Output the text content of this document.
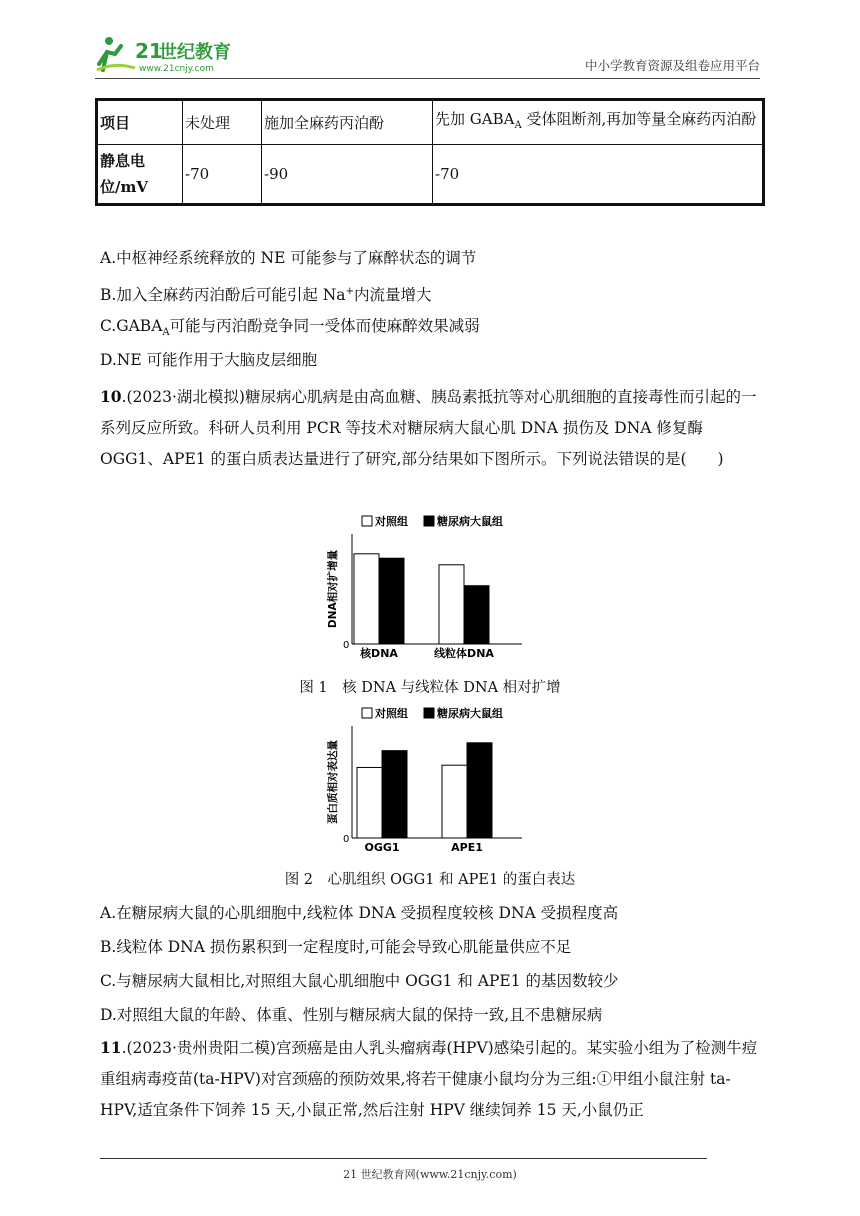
21
世纪教育
www.21cnjy.com	中小学教育资源及组卷应用平台
项目	未处理	施加全麻药丙泊酚	先加 $GABA_A$ 受体阻断剂,再加等量全麻药丙泊酚
静息电位/mV	-70	-90	-70
A.中枢神经系统释放的 NE 可能参与了麻醉状态的调节
B.加入全麻药丙泊酚后可能引起 Na+内流量增大
$C.GABA_A$可能与丙泊酚竞争同一受体而使麻醉效果减弱
D.NE 可能作用于大脑皮层细胞
10.(2023·湖北模拟)糖尿病心肌病是由高血糖、胰岛素抵抗等对心肌细胞的直接毒性而引起的一系列反应所致。科研人员利用 PCR 等技术对糖尿病大鼠心肌 DNA 损伤及 DNA 修复酶 OGG1、APE1 的蛋白质表达量进行了研究,部分结果如下图所示。下列说法错误的是(　　)
对照组	糖尿病大鼠组
0
DNA相对扩增量
核DNA	线粒体DNA
图 1　核 DNA 与线粒体 DNA 相对扩增
对照组	糖尿病大鼠组
0
蛋白质相对表达量
OGG1	APE1
图 2　心肌组织 OGG1 和 APE1 的蛋白表达
A.在糖尿病大鼠的心肌细胞中,线粒体 DNA 受损程度较核 DNA 受损程度高
B.线粒体 DNA 损伤累积到一定程度时,可能会导致心肌能量供应不足
C.与糖尿病大鼠相比,对照组大鼠心肌细胞中 OGG1 和 APE1 的基因数较少
D.对照组大鼠的年龄、体重、性别与糖尿病大鼠的保持一致,且不患糖尿病
11.(2023·贵州贵阳二模)宫颈癌是由人乳头瘤病毒(HPV)感染引起的。某实验小组为了检测牛痘重组病毒疫苗(ta-HPV)对宫颈癌的预防效果,将若干健康小鼠均分为三组:①甲组小鼠注射 ta-HPV,适宜条件下饲养 15 天,小鼠正常,然后注射 HPV 继续饲养 15 天,小鼠仍正
21 世纪教育网(www.21cnjy.com)
